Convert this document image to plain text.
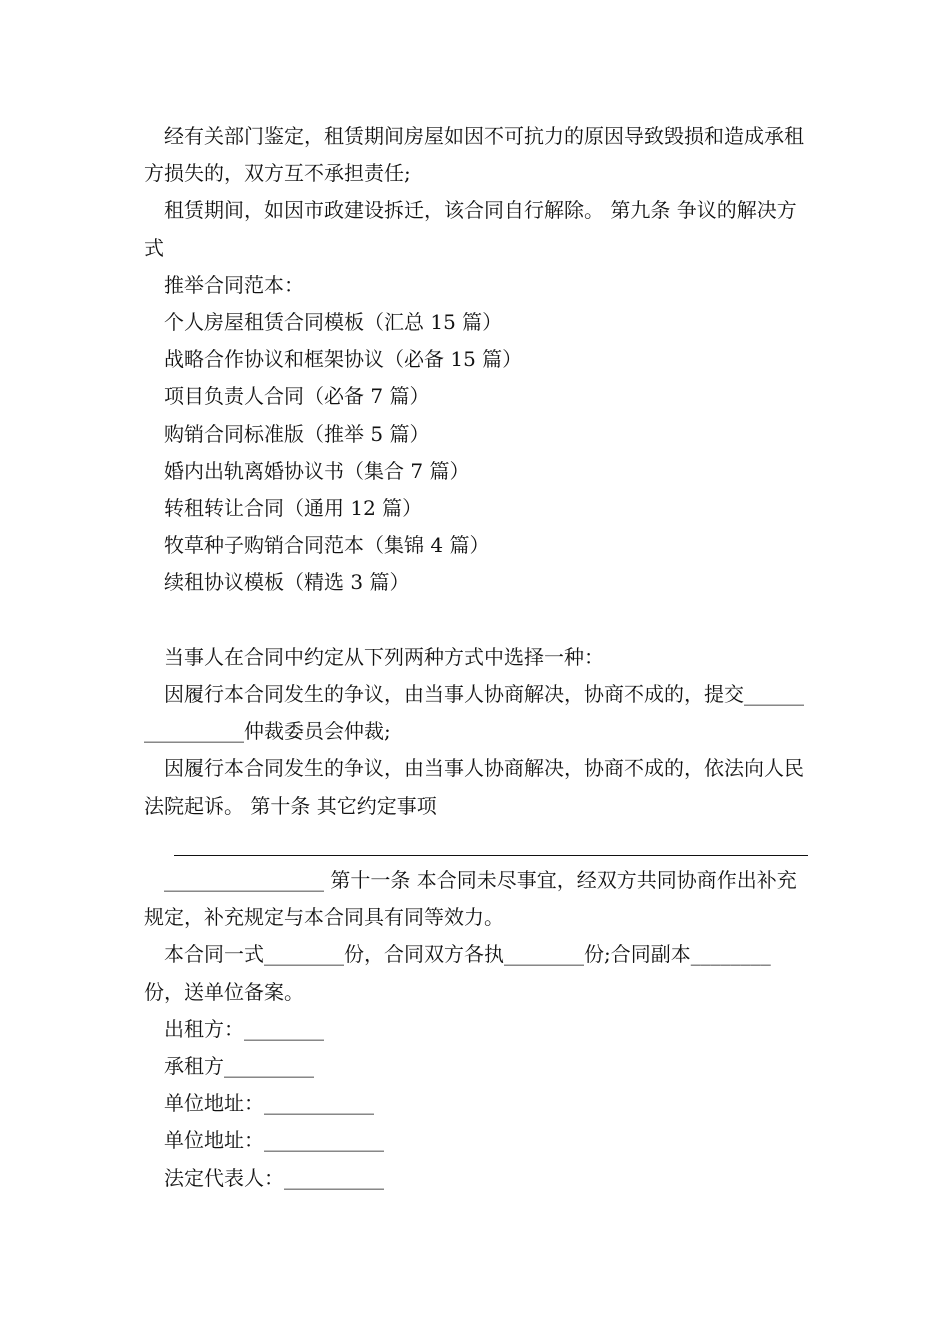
经有关部门鉴定，租赁期间房屋如因不可抗力的原因导致毁损和造成承租方损失的，双方互不承担责任;

租赁期间，如因市政建设拆迁，该合同自行解除。 第九条 争议的解决方式

推举合同范本：

个人房屋租赁合同模板（汇总 15 篇）

战略合作协议和框架协议（必备 15 篇）

项目负责人合同（必备 7 篇）

购销合同标准版（推举 5 篇）

婚内出轨离婚协议书（集合 7 篇）

转租转让合同（通用 12 篇）

牧草种子购销合同范本（集锦 4 篇）

续租协议模板（精选 3 篇）

当事人在合同中约定从下列两种方式中选择一种：

因履行本合同发生的争议，由当事人协商解决，协商不成的，提交________________仲裁委员会仲裁;

因履行本合同发生的争议，由当事人协商解决，协商不成的，依法向人民法院起诉。 第十条 其它约定事项

________________ 第十一条 本合同未尽事宜，经双方共同协商作出补充规定，补充规定与本合同具有同等效力。

本合同一式________份，合同双方各执________份;合同副本________份，送单位备案。

出租方：________

承租方_________

单位地址：___________

单位地址：____________

法定代表人：__________
